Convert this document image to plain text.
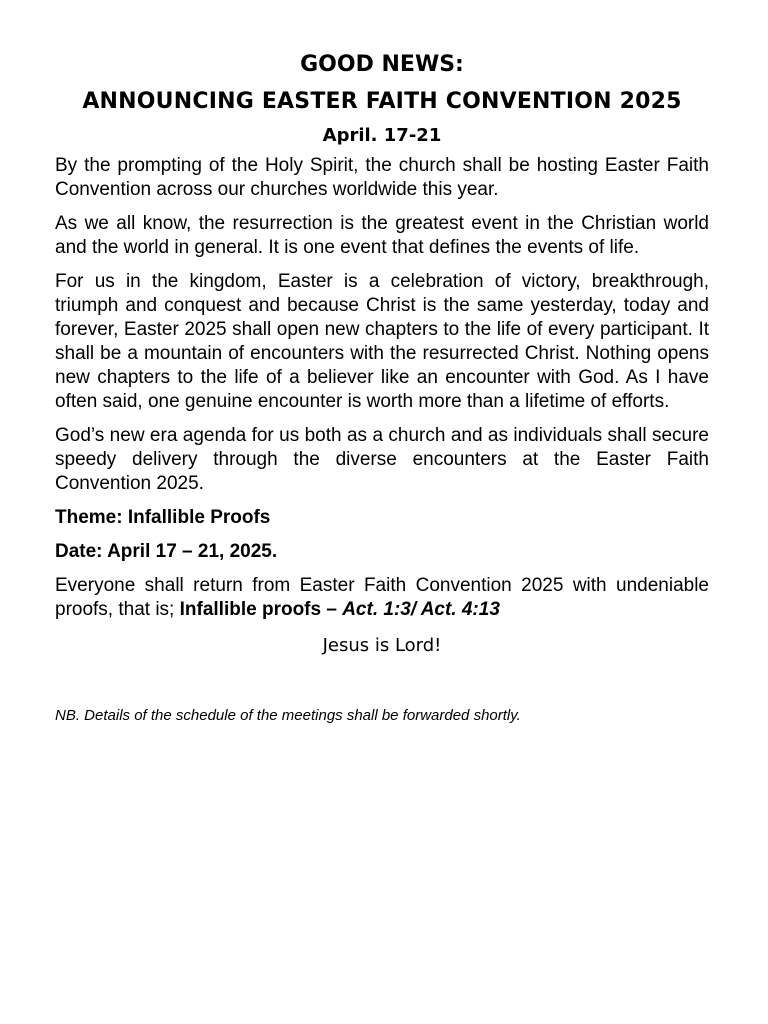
GOOD NEWS:
ANNOUNCING EASTER FAITH CONVENTION 2025
April. 17-21

By the prompting of the Holy Spirit, the church shall be hosting Easter Faith Convention across our churches worldwide this year.

As we all know, the resurrection is the greatest event in the Christian world and the world in general. It is one event that defines the events of life.

For us in the kingdom, Easter is a celebration of victory, breakthrough, triumph and conquest and because Christ is the same yesterday, today and forever, Easter 2025 shall open new chapters to the life of every participant. It shall be a mountain of encounters with the resurrected Christ. Nothing opens new chapters to the life of a believer like an encounter with God. As I have often said, one genuine encounter is worth more than a lifetime of efforts.

God’s new era agenda for us both as a church and as individuals shall secure speedy delivery through the diverse encounters at the Easter Faith Convention 2025.

Theme: Infallible Proofs

Date: April 17 – 21, 2025.

Everyone shall return from Easter Faith Convention 2025 with undeniable proofs, that is; Infallible proofs – Act. 1:3/ Act. 4:13

Jesus is Lord!

NB. Details of the schedule of the meetings shall be forwarded shortly.
